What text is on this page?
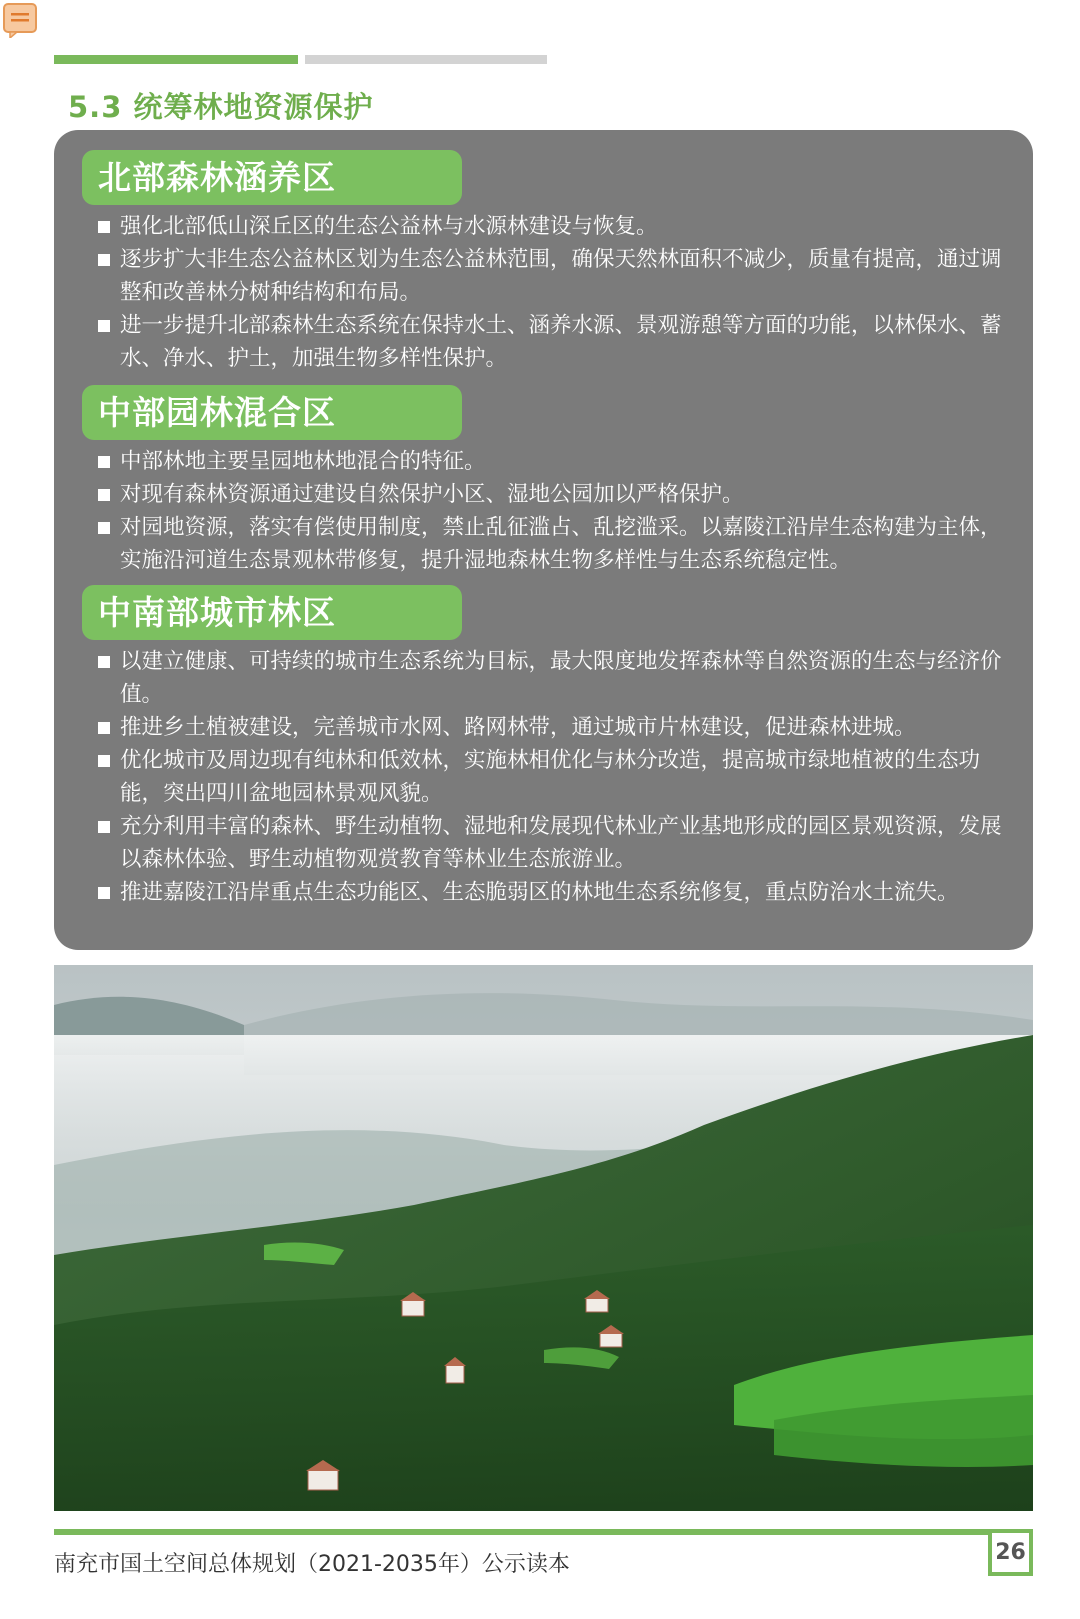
5.3 统筹林地资源保护
北部森林涵养区
强化北部低山深丘区的生态公益林与水源林建设与恢复。
逐步扩大非生态公益林区划为生态公益林范围，确保天然林面积不减少，质量有提高，通过调整和改善林分树种结构和布局。
进一步提升北部森林生态系统在保持水土、涵养水源、景观游憩等方面的功能，以林保水、蓄水、净水、护土，加强生物多样性保护。
中部园林混合区
中部林地主要呈园地林地混合的特征。
对现有森林资源通过建设自然保护小区、湿地公园加以严格保护。
对园地资源，落实有偿使用制度，禁止乱征滥占、乱挖滥采。以嘉陵江沿岸生态构建为主体，实施沿河道生态景观林带修复，提升湿地森林生物多样性与生态系统稳定性。
中南部城市林区
以建立健康、可持续的城市生态系统为目标，最大限度地发挥森林等自然资源的生态与经济价值。
推进乡土植被建设，完善城市水网、路网林带，通过城市片林建设，促进森林进城。
优化城市及周边现有纯林和低效林，实施林相优化与林分改造，提高城市绿地植被的生态功能，突出四川盆地园林景观风貌。
充分利用丰富的森林、野生动植物、湿地和发展现代林业产业基地形成的园区景观资源，发展以森林体验、野生动植物观赏教育等林业生态旅游业。
推进嘉陵江沿岸重点生态功能区、生态脆弱区的林地生态系统修复，重点防治水土流失。
南充市国土空间总体规划（2021-2035年）公示读本	26
